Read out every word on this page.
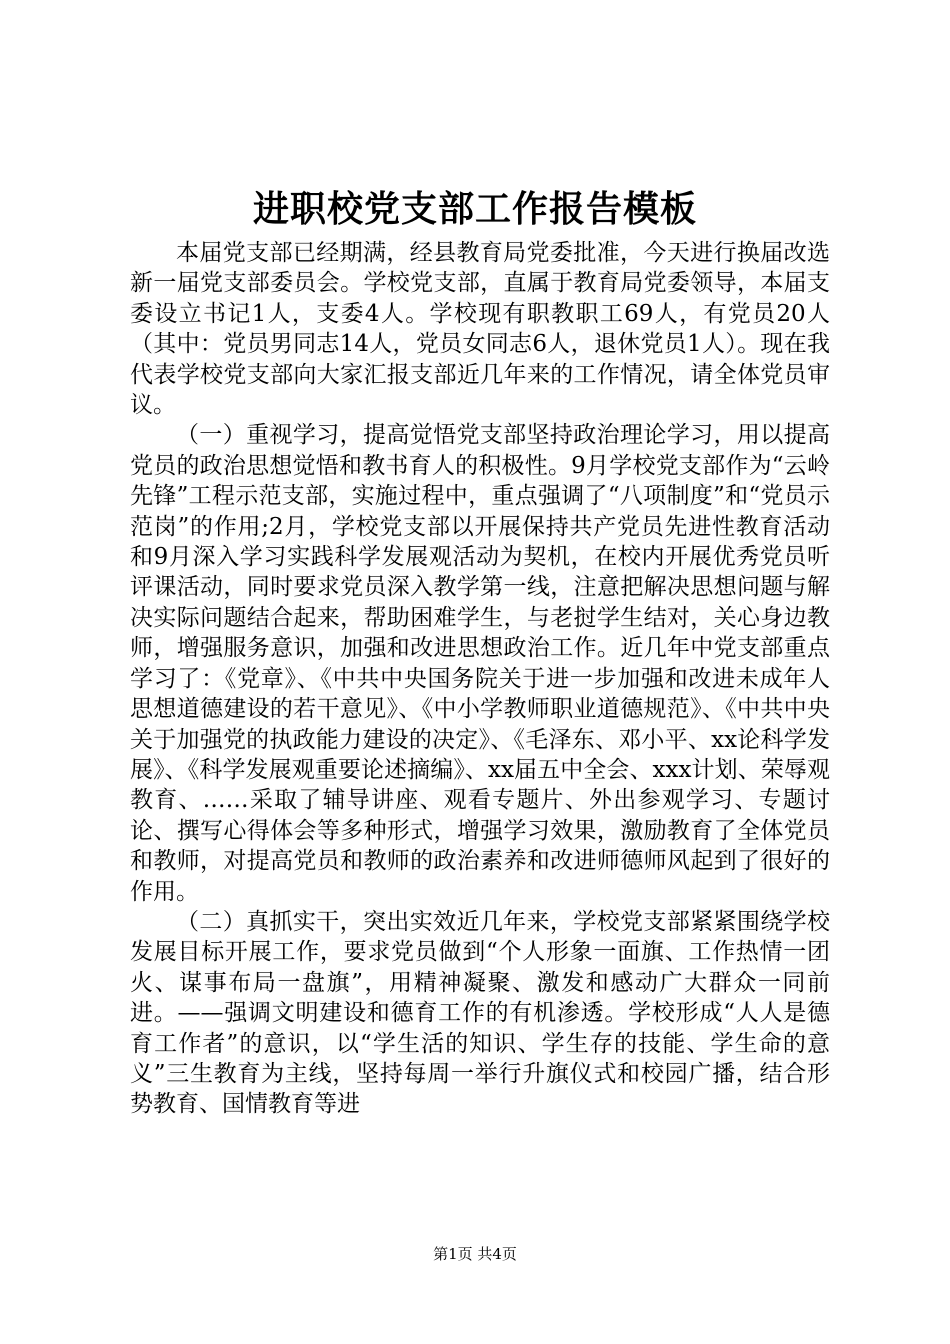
进职校党支部工作报告模板

本届党支部已经期满，经县教育局党委批准，今天进行换届改选新一届党支部委员会。学校党支部，直属于教育局党委领导，本届支委设立书记1人，支委4人。学校现有职教职工69人，有党员20人（其中：党员男同志14人，党员女同志6人，退休党员1人）。现在我代表学校党支部向大家汇报支部近几年来的工作情况，请全体党员审议。

（一）重视学习，提高觉悟党支部坚持政治理论学习，用以提高党员的政治思想觉悟和教书育人的积极性。9月学校党支部作为“云岭先锋”工程示范支部，实施过程中，重点强调了“八项制度”和“党员示范岗”的作用;2月，学校党支部以开展保持共产党员先进性教育活动和9月深入学习实践科学发展观活动为契机，在校内开展优秀党员听评课活动，同时要求党员深入教学第一线，注意把解决思想问题与解决实际问题结合起来，帮助困难学生，与老挝学生结对，关心身边教师，增强服务意识，加强和改进思想政治工作。近几年中党支部重点学习了：《党章》、《中共中央国务院关于进一步加强和改进未成年人思想道德建设的若干意见》、《中小学教师职业道德规范》、《中共中央关于加强党的执政能力建设的决定》、《毛泽东、邓小平、xx论科学发展》、《科学发展观重要论述摘编》、xx届五中全会、xxx计划、荣辱观教育、……采取了辅导讲座、观看专题片、外出参观学习、专题讨论、撰写心得体会等多种形式，增强学习效果，激励教育了全体党员和教师，对提高党员和教师的政治素养和改进师德师风起到了很好的作用。

（二）真抓实干，突出实效近几年来，学校党支部紧紧围绕学校发展目标开展工作，要求党员做到“个人形象一面旗、工作热情一团火、谋事布局一盘旗”，用精神凝聚、激发和感动广大群众一同前进。——强调文明建设和德育工作的有机渗透。学校形成“人人是德育工作者”的意识，以“学生活的知识、学生存的技能、学生命的意义”三生教育为主线，坚持每周一举行升旗仪式和校园广播，结合形势教育、国情教育等进

第1页 共4页
